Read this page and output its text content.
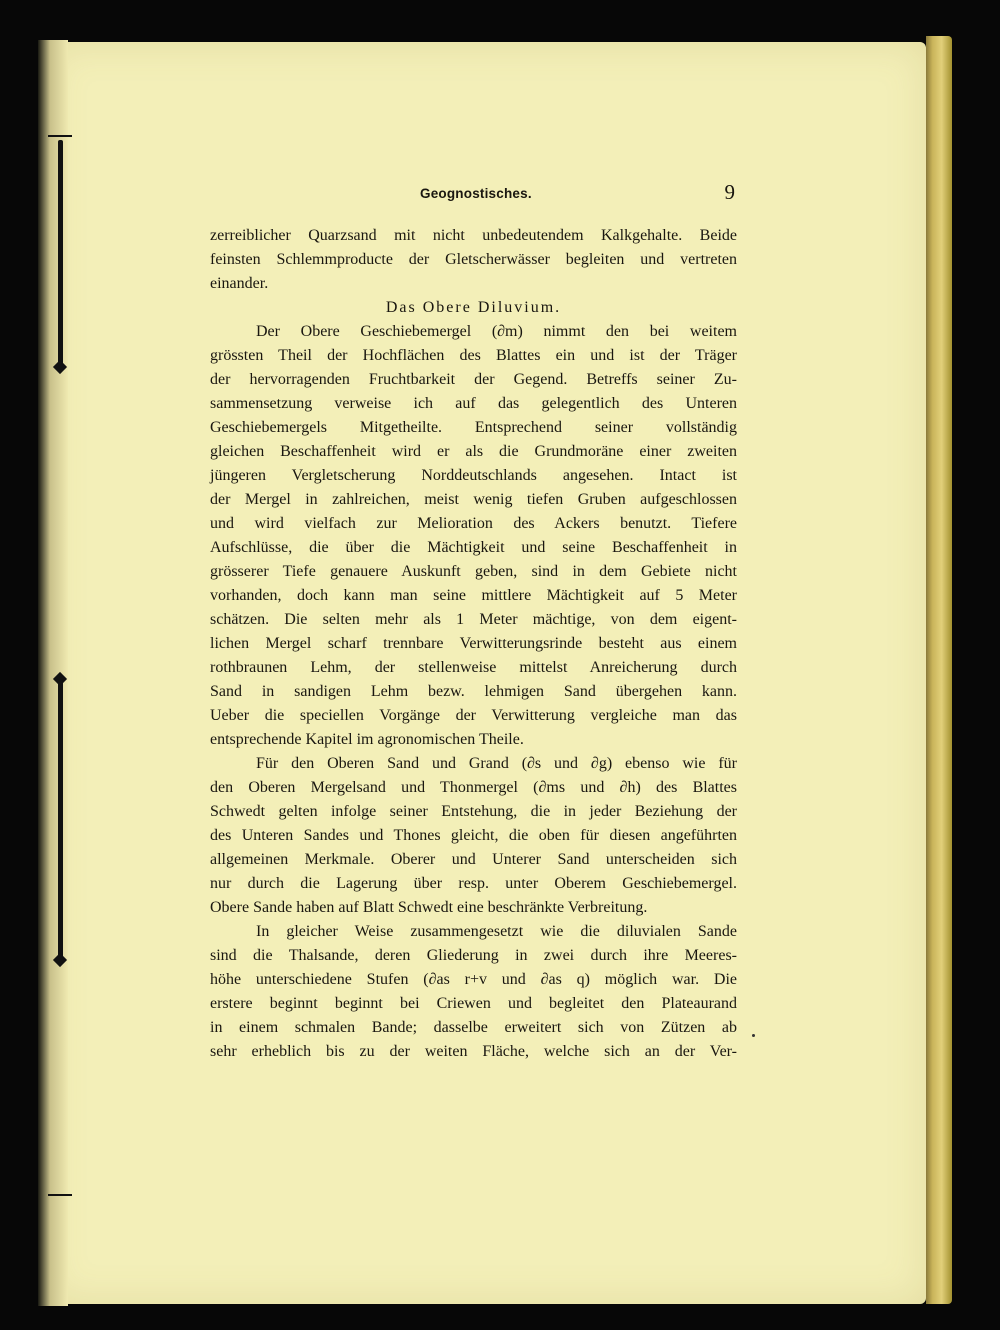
Geognostisches.	9
zerreiblicher Quarzsand mit nicht unbedeutendem Kalkgehalte. Beide
feinsten Schlemmproducte der Gletscherwässer begleiten und vertreten
einander.
Das Obere Diluvium.
Der Obere Geschiebemergel (∂m) nimmt den bei weitem
grössten Theil der Hochflächen des Blattes ein und ist der Träger
der hervorragenden Fruchtbarkeit der Gegend. Betreffs seiner Zu-
sammensetzung verweise ich auf das gelegentlich des Unteren
Geschiebemergels Mitgetheilte. Entsprechend seiner vollständig
gleichen Beschaffenheit wird er als die Grundmoräne einer zweiten
jüngeren Vergletscherung Norddeutschlands angesehen. Intact ist
der Mergel in zahlreichen, meist wenig tiefen Gruben aufgeschlossen
und wird vielfach zur Melioration des Ackers benutzt. Tiefere
Aufschlüsse, die über die Mächtigkeit und seine Beschaffenheit in
grösserer Tiefe genauere Auskunft geben, sind in dem Gebiete nicht
vorhanden, doch kann man seine mittlere Mächtigkeit auf 5 Meter
schätzen. Die selten mehr als 1 Meter mächtige, von dem eigent-
lichen Mergel scharf trennbare Verwitterungsrinde besteht aus einem
rothbraunen Lehm, der stellenweise mittelst Anreicherung durch
Sand in sandigen Lehm bezw. lehmigen Sand übergehen kann.
Ueber die speciellen Vorgänge der Verwitterung vergleiche man das
entsprechende Kapitel im agronomischen Theile.
Für den Oberen Sand und Grand (∂s und ∂g) ebenso wie für
den Oberen Mergelsand und Thonmergel (∂ms und ∂h) des Blattes
Schwedt gelten infolge seiner Entstehung, die in jeder Beziehung der
des Unteren Sandes und Thones gleicht, die oben für diesen angeführten
allgemeinen Merkmale. Oberer und Unterer Sand unterscheiden sich
nur durch die Lagerung über resp. unter Oberem Geschiebemergel.
Obere Sande haben auf Blatt Schwedt eine beschränkte Verbreitung.
In gleicher Weise zusammengesetzt wie die diluvialen Sande
sind die Thalsande, deren Gliederung in zwei durch ihre Meeres-
höhe unterschiedene Stufen (∂as r+v und ∂as q) möglich war. Die
erstere beginnt beginnt bei Criewen und begleitet den Plateaurand
in einem schmalen Bande; dasselbe erweitert sich von Zützen ab
sehr erheblich bis zu der weiten Fläche, welche sich an der Ver-
